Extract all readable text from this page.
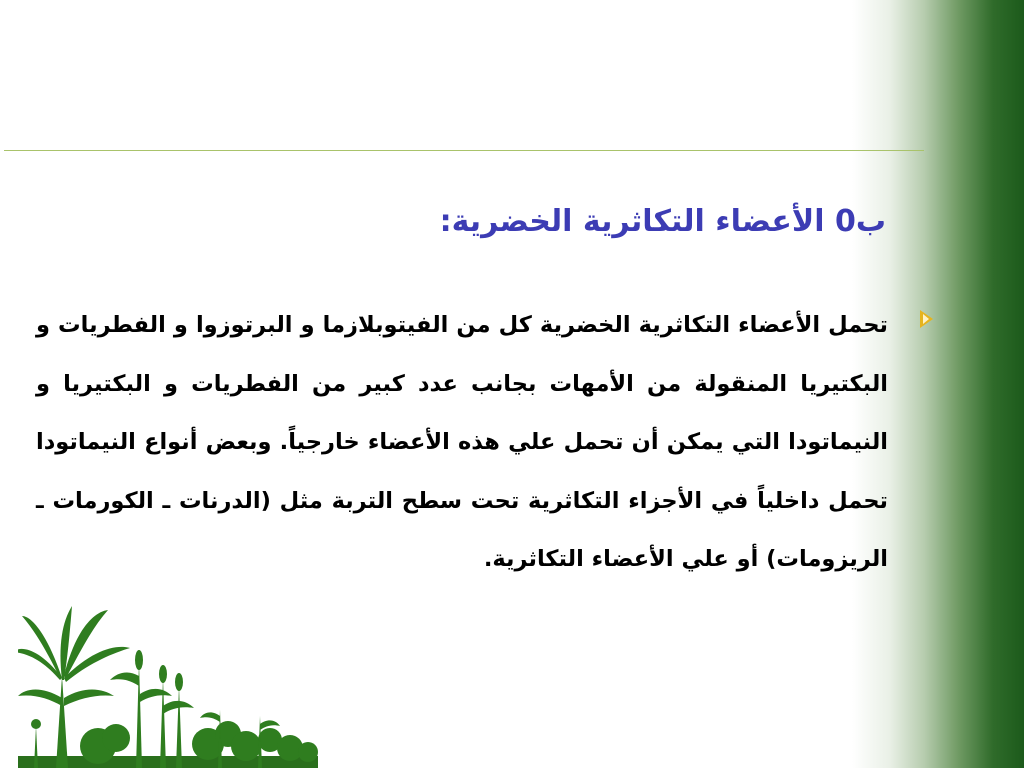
ب0 الأعضاء التكاثرية الخضرية:

تحمل الأعضاء التكاثرية الخضرية كل من الفيتوبلازما و البرتوزوا و الفطريات و البكتيريا المنقولة من الأمهات بجانب عدد كبير من الفطريات و البكتيريا و النيماتودا التي يمكن أن تحمل علي هذه الأعضاء خارجياً. وبعض أنواع النيماتودا تحمل داخلياً في الأجزاء التكاثرية تحت سطح التربة مثل (الدرنات ـ الكورمات ـ الريزومات) أو علي الأعضاء التكاثرية.
